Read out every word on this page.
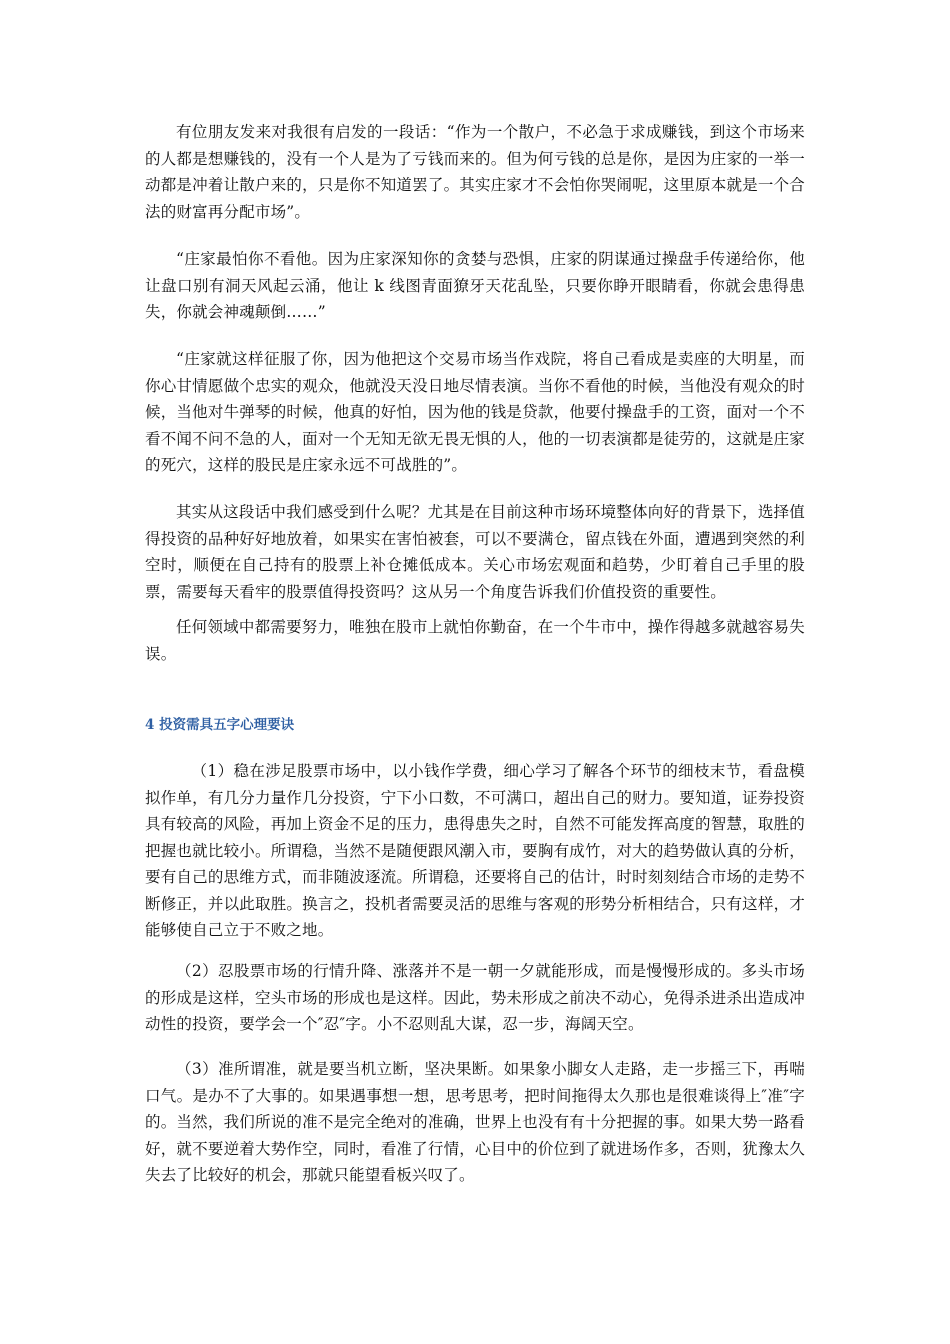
有位朋友发来对我很有启发的一段话：“作为一个散户，不必急于求成赚钱，到这个市场来的人都是想赚钱的，没有一个人是为了亏钱而来的。但为何亏钱的总是你，是因为庄家的一举一动都是冲着让散户来的，只是你不知道罢了。其实庄家才不会怕你哭闹呢，这里原本就是一个合法的财富再分配市场”。

“庄家最怕你不看他。因为庄家深知你的贪婪与恐惧，庄家的阴谋通过操盘手传递给你，他让盘口别有洞天风起云涌，他让 k 线图青面獠牙天花乱坠，只要你睁开眼睛看，你就会患得患失，你就会神魂颠倒……”

“庄家就这样征服了你，因为他把这个交易市场当作戏院，将自己看成是卖座的大明星，而你心甘情愿做个忠实的观众，他就没天没日地尽情表演。当你不看他的时候，当他没有观众的时候，当他对牛弹琴的时候，他真的好怕，因为他的钱是贷款，他要付操盘手的工资，面对一个不看不闻不问不急的人，面对一个无知无欲无畏无惧的人，他的一切表演都是徒劳的，这就是庄家的死穴，这样的股民是庄家永远不可战胜的”。

其实从这段话中我们感受到什么呢？尤其是在目前这种市场环境整体向好的背景下，选择值得投资的品种好好地放着，如果实在害怕被套，可以不要满仓，留点钱在外面，遭遇到突然的利空时，顺便在自己持有的股票上补仓摊低成本。关心市场宏观面和趋势，少盯着自己手里的股票，需要每天看牢的股票值得投资吗？这从另一个角度告诉我们价值投资的重要性。

任何领域中都需要努力，唯独在股市上就怕你勤奋，在一个牛市中，操作得越多就越容易失误。

4 投资需具五字心理要诀

（1）稳在涉足股票市场中，以小钱作学费，细心学习了解各个环节的细枝末节，看盘模拟作单，有几分力量作几分投资，宁下小口数，不可满口，超出自己的财力。要知道，证券投资具有较高的风险，再加上资金不足的压力，患得患失之时，自然不可能发挥高度的智慧，取胜的把握也就比较小。所谓稳，当然不是随便跟风潮入市，要胸有成竹，对大的趋势做认真的分析，要有自己的思维方式，而非随波逐流。所谓稳，还要将自己的估计，时时刻刻结合市场的走势不断修正，并以此取胜。换言之，投机者需要灵活的思维与客观的形势分析相结合，只有这样，才能够使自己立于不败之地。

（2）忍股票市场的行情升降、涨落并不是一朝一夕就能形成，而是慢慢形成的。多头市场的形成是这样，空头市场的形成也是这样。因此，势未形成之前决不动心，免得杀进杀出造成冲动性的投资，要学会一个″忍″字。小不忍则乱大谋，忍一步，海阔天空。

（3）准所谓准，就是要当机立断，坚决果断。如果象小脚女人走路，走一步摇三下，再喘口气。是办不了大事的。如果遇事想一想，思考思考，把时间拖得太久那也是很难谈得上″准″字的。当然，我们所说的准不是完全绝对的准确，世界上也没有有十分把握的事。如果大势一路看好，就不要逆着大势作空，同时，看准了行情，心目中的价位到了就进场作多，否则，犹豫太久失去了比较好的机会，那就只能望看板兴叹了。
